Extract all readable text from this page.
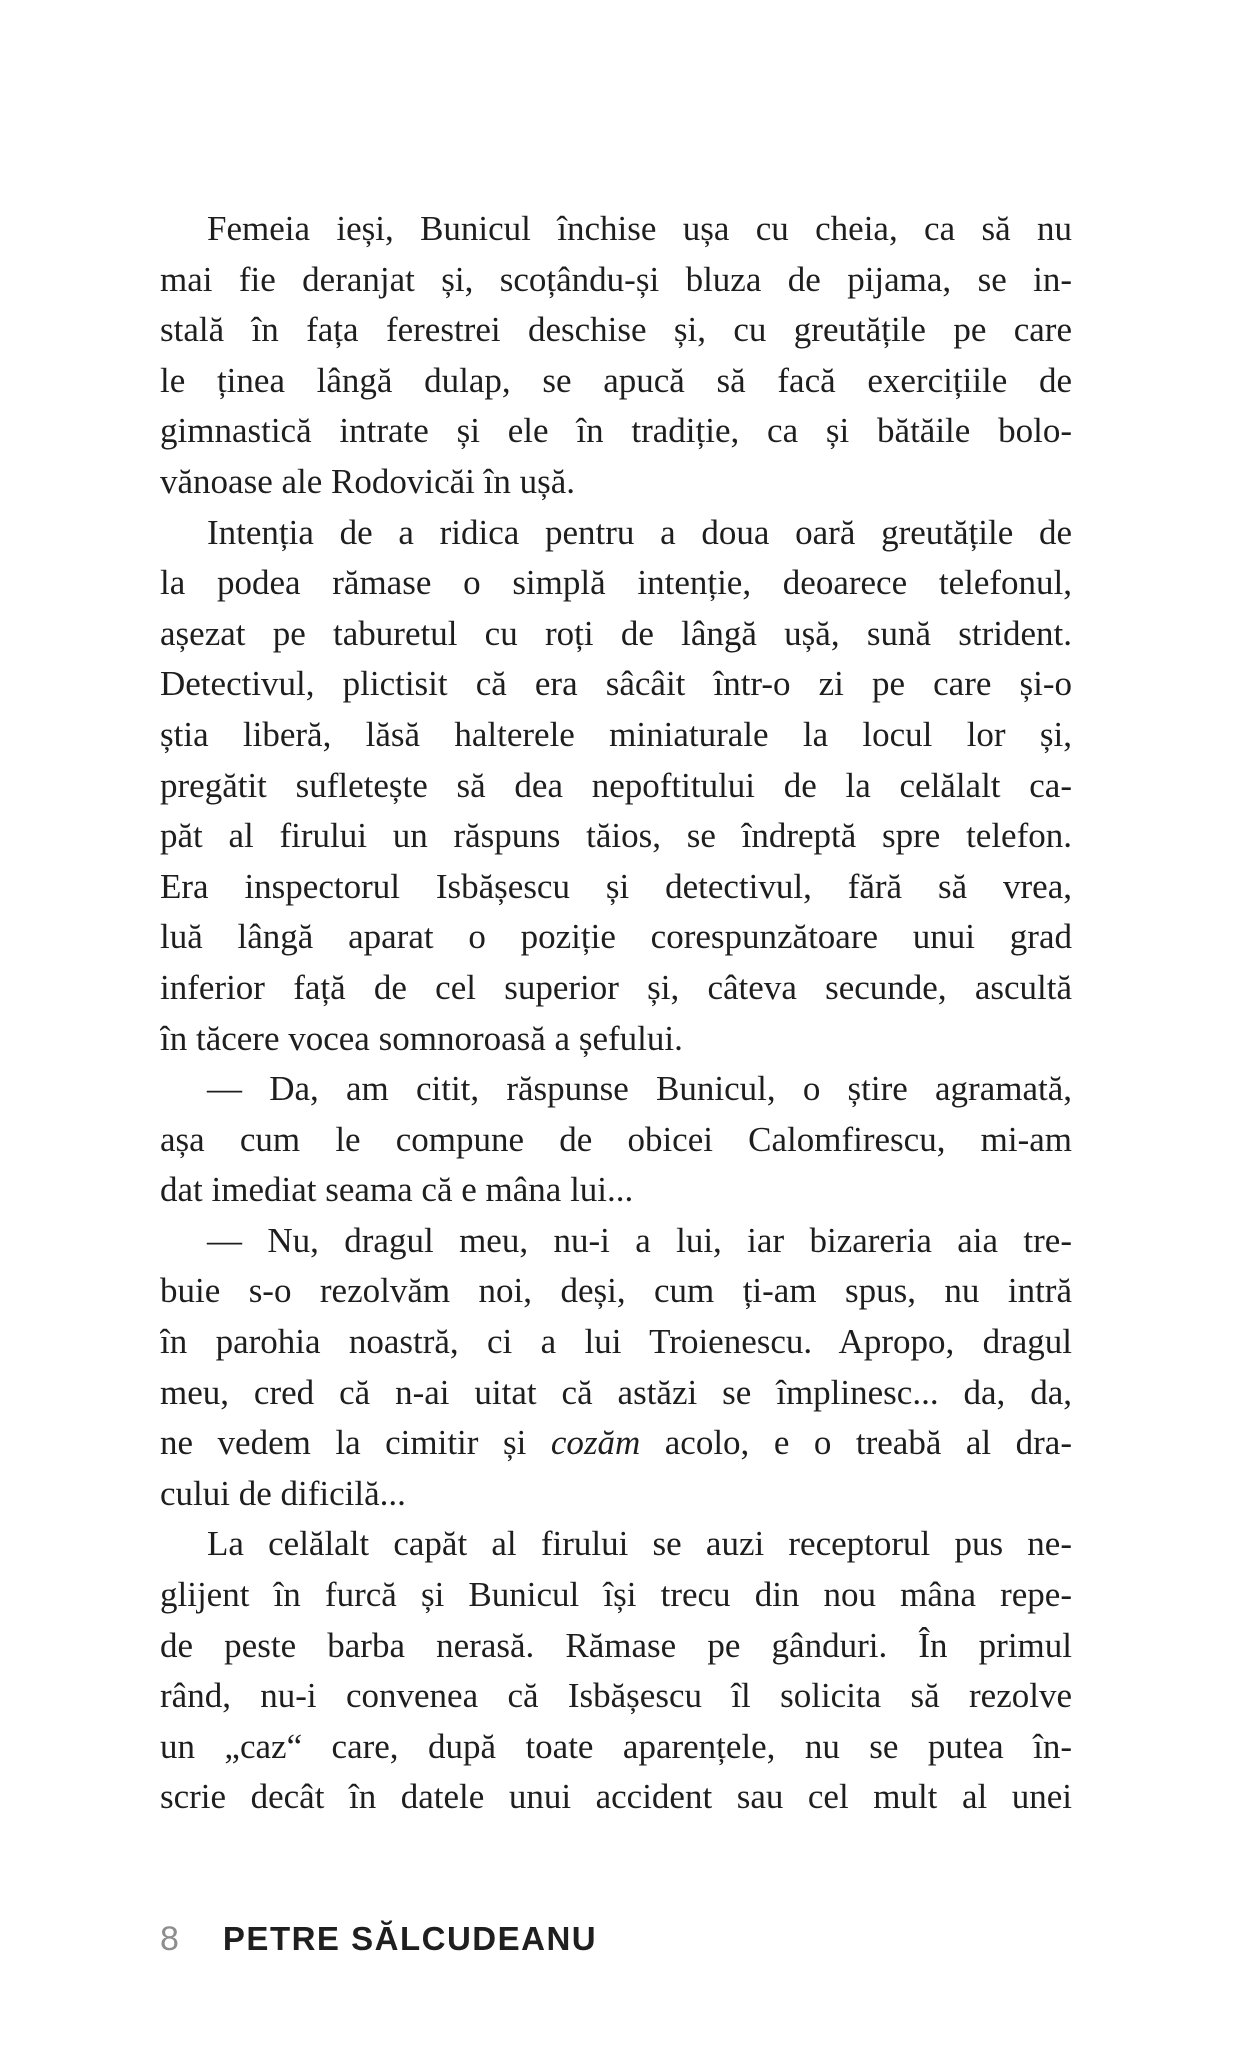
Femeia ieși, Bunicul închise ușa cu cheia, ca să nu
mai fie deranjat și, scoțându-și bluza de pijama, se in-
stală în fața ferestrei deschise și, cu greutățile pe care
le ținea lângă dulap, se apucă să facă exercițiile de
gimnastică intrate și ele în tradiție, ca și bătăile bolo-
vănoase ale Rodovicăi în ușă.
Intenția de a ridica pentru a doua oară greutățile de
la podea rămase o simplă intenție, deoarece telefonul,
așezat pe taburetul cu roți de lângă ușă, sună strident.
Detectivul, plictisit că era sâcâit într-o zi pe care și-o
știa liberă, lăsă halterele miniaturale la locul lor și,
pregătit sufletește să dea nepoftitului de la celălalt ca-
păt al firului un răspuns tăios, se îndreptă spre telefon.
Era inspectorul Isbășescu și detectivul, fără să vrea,
luă lângă aparat o poziție corespunzătoare unui grad
inferior față de cel superior și, câteva secunde, ascultă
în tăcere vocea somnoroasă a șefului.
— Da, am citit, răspunse Bunicul, o știre agramată,
așa cum le compune de obicei Calomfirescu, mi-am
dat imediat seama că e mâna lui...
— Nu, dragul meu, nu-i a lui, iar bizareria aia tre-
buie s-o rezolvăm noi, deși, cum ți-am spus, nu intră
în parohia noastră, ci a lui Troienescu. Apropo, dragul
meu, cred că n-ai uitat că astăzi se împlinesc... da, da,
ne vedem la cimitir și cozăm acolo, e o treabă al dra-
cului de dificilă...
La celălalt capăt al firului se auzi receptorul pus ne-
glijent în furcă și Bunicul își trecu din nou mâna repe-
de peste barba nerasă. Rămase pe gânduri. În primul
rând, nu-i convenea că Isbășescu îl solicita să rezolve
un „caz“ care, după toate aparențele, nu se putea în-
scrie decât în datele unui accident sau cel mult al unei
8 PETRE SĂLCUDEANU
